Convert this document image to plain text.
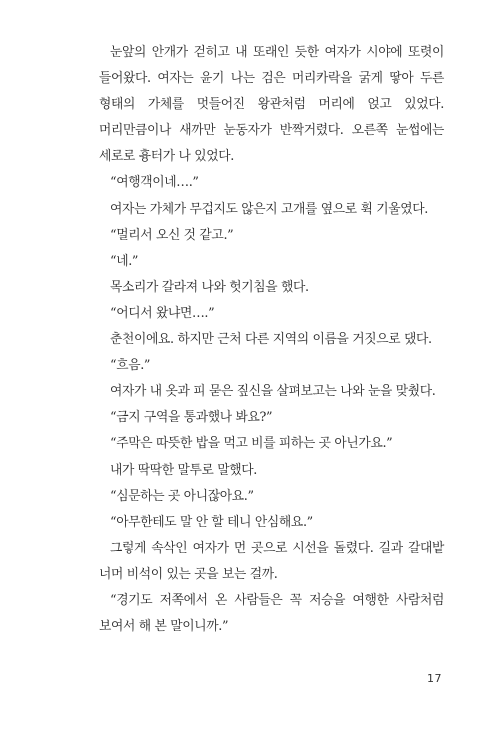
눈앞의 안개가 걷히고 내 또래인 듯한 여자가 시야에 또렷이 들어왔다. 여자는 윤기 나는 검은 머리카락을 굵게 땋아 두른 형태의 가체를 멋들어진 왕관처럼 머리에 얹고 있었다. 머리만큼이나 새까만 눈동자가 반짝거렸다. 오른쪽 눈썹에는 세로로 흉터가 나 있었다.

“여행객이네….”

여자는 가체가 무겁지도 않은지 고개를 옆으로 휙 기울였다.

“멀리서 오신 것 같고.”

“네.”

목소리가 갈라져 나와 헛기침을 했다.

“어디서 왔냐면….”

춘천이에요. 하지만 근처 다른 지역의 이름을 거짓으로 댔다.

“흐음.”

여자가 내 옷과 피 묻은 짚신을 살펴보고는 나와 눈을 맞췄다.

“금지 구역을 통과했나 봐요?”

“주막은 따뜻한 밥을 먹고 비를 피하는 곳 아닌가요.”

내가 딱딱한 말투로 말했다.

“심문하는 곳 아니잖아요.”

“아무한테도 말 안 할 테니 안심해요.”

그렇게 속삭인 여자가 먼 곳으로 시선을 돌렸다. 길과 갈대밭 너머 비석이 있는 곳을 보는 걸까.

“경기도 저쪽에서 온 사람들은 꼭 저승을 여행한 사람처럼 보여서 해 본 말이니까.”

17
